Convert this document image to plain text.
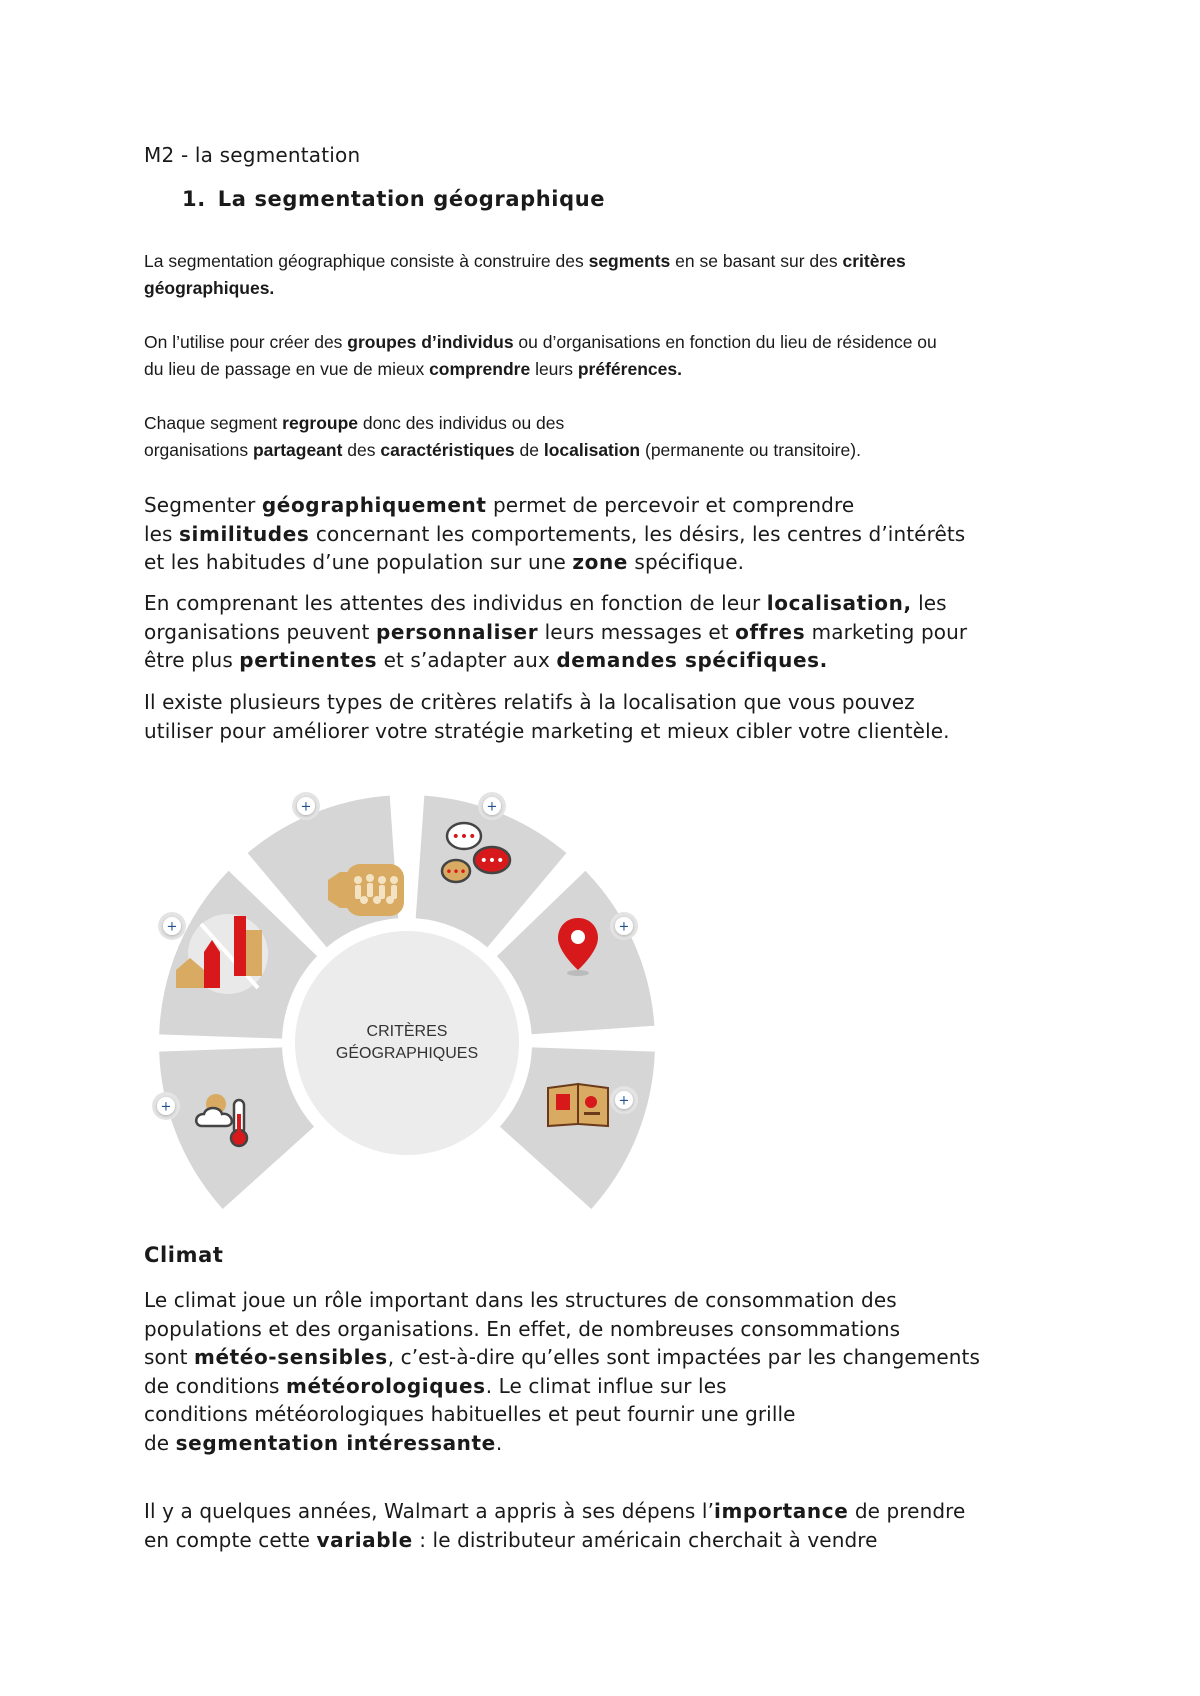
M2 - la segmentation
1. La segmentation géographique
La segmentation géographique consiste à construire des segments en se basant sur des critères
géographiques.
On l’utilise pour créer des groupes d’individus ou d’organisations en fonction du lieu de résidence ou
du lieu de passage en vue de mieux comprendre leurs préférences.
Chaque segment regroupe donc des individus ou des
organisations partageant des caractéristiques de localisation (permanente ou transitoire).
Segmenter géographiquement permet de percevoir et comprendre
les similitudes concernant les comportements, les désirs, les centres d’intérêts
et les habitudes d’une population sur une zone spécifique.
En comprenant les attentes des individus en fonction de leur localisation, les
organisations peuvent personnaliser leurs messages et offres marketing pour
être plus pertinentes et s’adapter aux demandes spécifiques.
Il existe plusieurs types de critères relatifs à la localisation que vous pouvez
utiliser pour améliorer votre stratégie marketing et mieux cibler votre clientèle.
CRITÈRES
GÉOGRAPHIQUES
•••
•••
•••
+	+
+
+
+
+
Climat
Le climat joue un rôle important dans les structures de consommation des
populations et des organisations. En effet, de nombreuses consommations
sont météo-sensibles, c’est-à-dire qu’elles sont impactées par les changements
de conditions météorologiques. Le climat influe sur les
conditions météorologiques habituelles et peut fournir une grille
de segmentation intéressante.
Il y a quelques années, Walmart a appris à ses dépens l’importance de prendre
en compte cette variable : le distributeur américain cherchait à vendre
